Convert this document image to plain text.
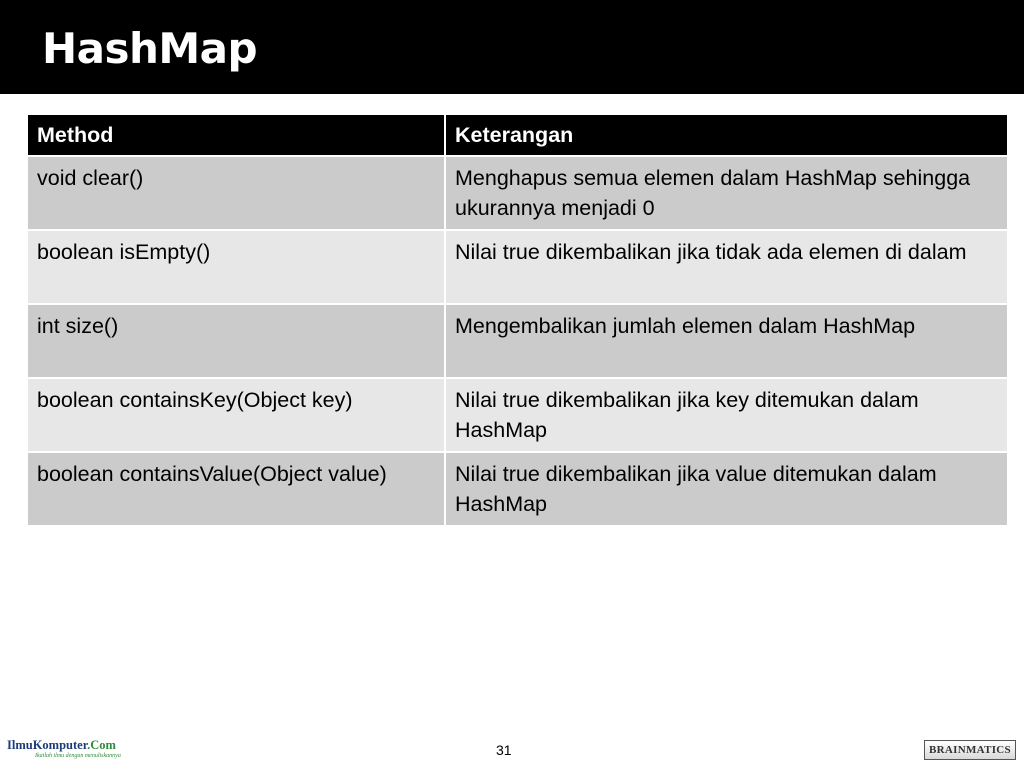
HashMap
Method	Keterangan
void clear()	Menghapus semua elemen dalam HashMap sehingga ukurannya menjadi 0
boolean isEmpty()	Nilai true dikembalikan jika tidak ada elemen di dalam
int size()	Mengembalikan jumlah elemen dalam HashMap
boolean containsKey(Object key)	Nilai true dikembalikan jika key ditemukan dalam HashMap
boolean containsValue(Object value)	Nilai true dikembalikan jika value ditemukan dalam HashMap
IlmuKomputer.Com
Ikatlah ilmu dengan menuliskannya	31	BRAINMATICS
